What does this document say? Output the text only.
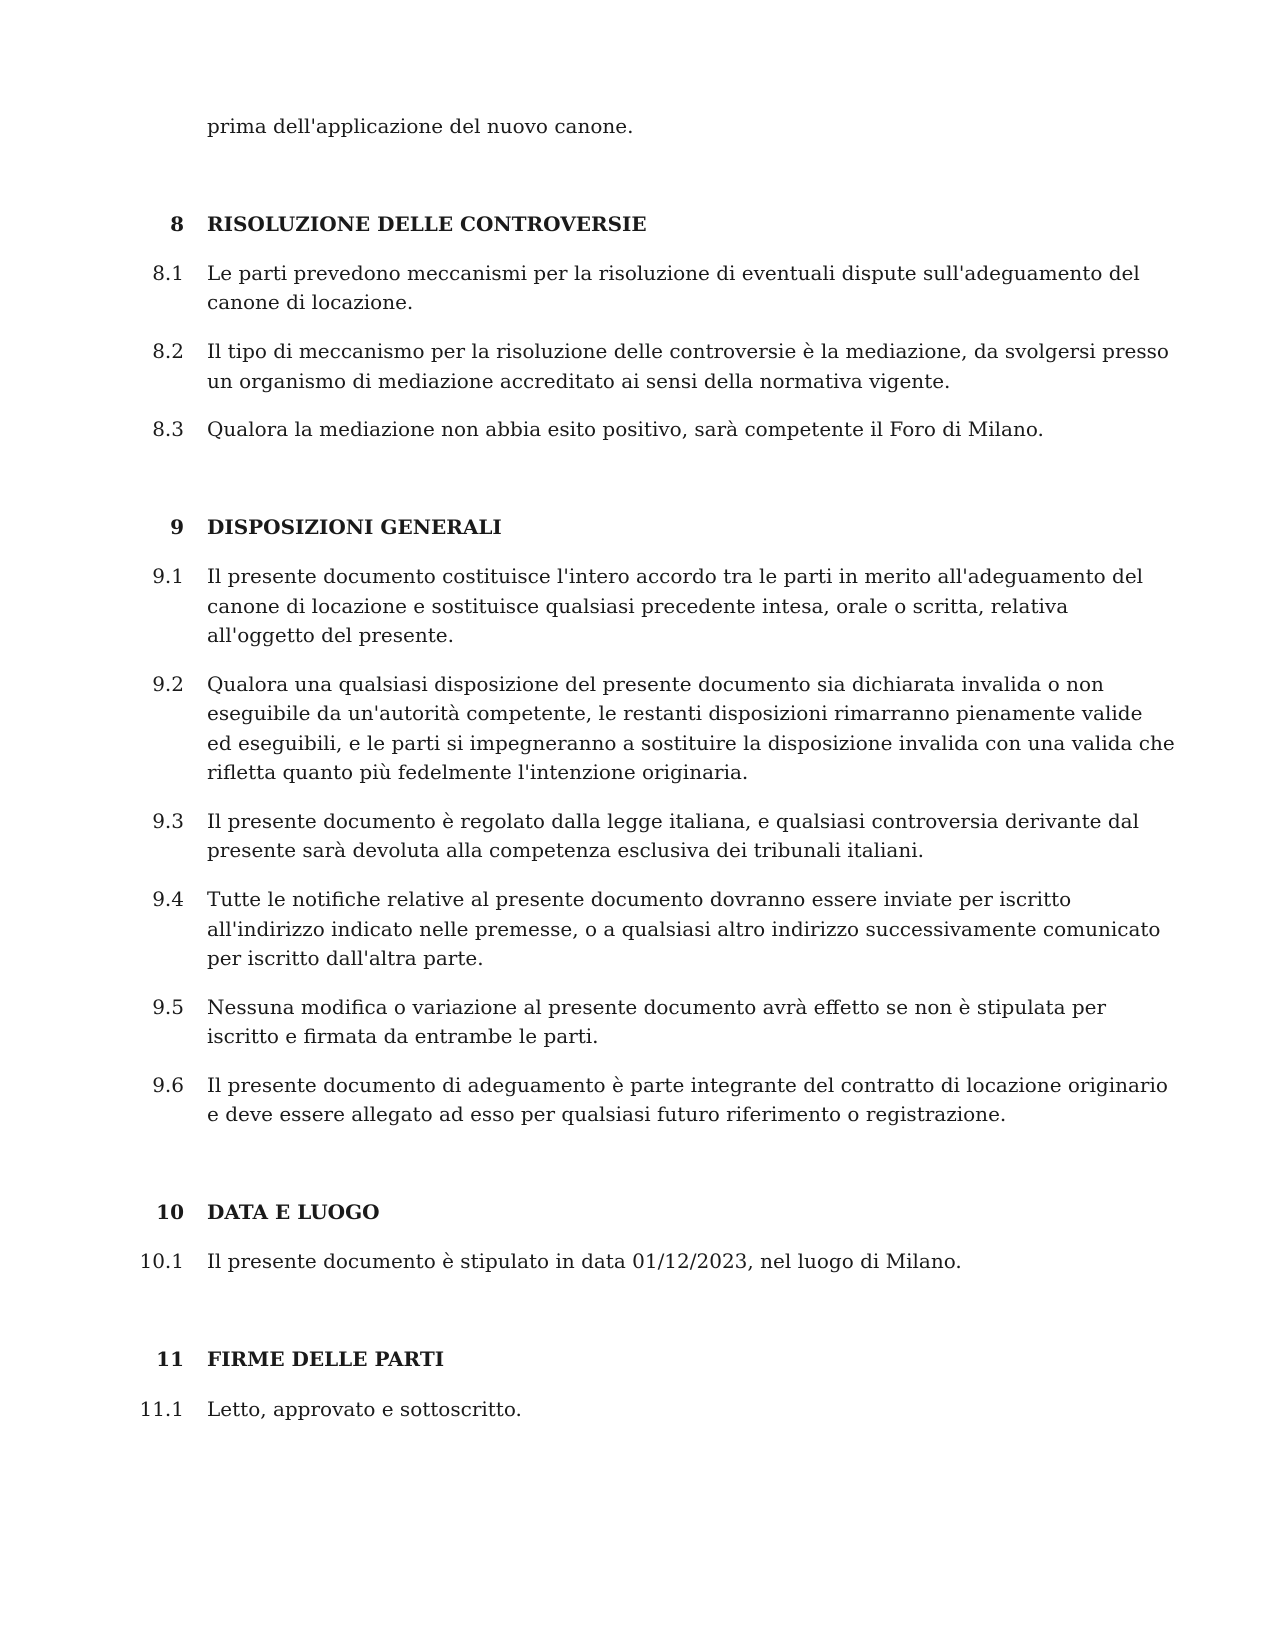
prima dell'applicazione del nuovo canone.
8 RISOLUZIONE DELLE CONTROVERSIE
8.1 Le parti prevedono meccanismi per la risoluzione di eventuali dispute sull'adeguamento del
canone di locazione.
8.2 Il tipo di meccanismo per la risoluzione delle controversie è la mediazione, da svolgersi presso
un organismo di mediazione accreditato ai sensi della normativa vigente.
8.3 Qualora la mediazione non abbia esito positivo, sarà competente il Foro di Milano.
9 DISPOSIZIONI GENERALI
9.1 Il presente documento costituisce l'intero accordo tra le parti in merito all'adeguamento del
canone di locazione e sostituisce qualsiasi precedente intesa, orale o scritta, relativa
all'oggetto del presente.
9.2 Qualora una qualsiasi disposizione del presente documento sia dichiarata invalida o non
eseguibile da un'autorità competente, le restanti disposizioni rimarranno pienamente valide
ed eseguibili, e le parti si impegneranno a sostituire la disposizione invalida con una valida che
rifletta quanto più fedelmente l'intenzione originaria.
9.3 Il presente documento è regolato dalla legge italiana, e qualsiasi controversia derivante dal
presente sarà devoluta alla competenza esclusiva dei tribunali italiani.
9.4 Tutte le notifiche relative al presente documento dovranno essere inviate per iscritto
all'indirizzo indicato nelle premesse, o a qualsiasi altro indirizzo successivamente comunicato
per iscritto dall'altra parte.
9.5 Nessuna modifica o variazione al presente documento avrà effetto se non è stipulata per
iscritto e firmata da entrambe le parti.
9.6 Il presente documento di adeguamento è parte integrante del contratto di locazione originario
e deve essere allegato ad esso per qualsiasi futuro riferimento o registrazione.
10 DATA E LUOGO
10.1 Il presente documento è stipulato in data 01/12/2023, nel luogo di Milano.
11 FIRME DELLE PARTI
11.1 Letto, approvato e sottoscritto.
